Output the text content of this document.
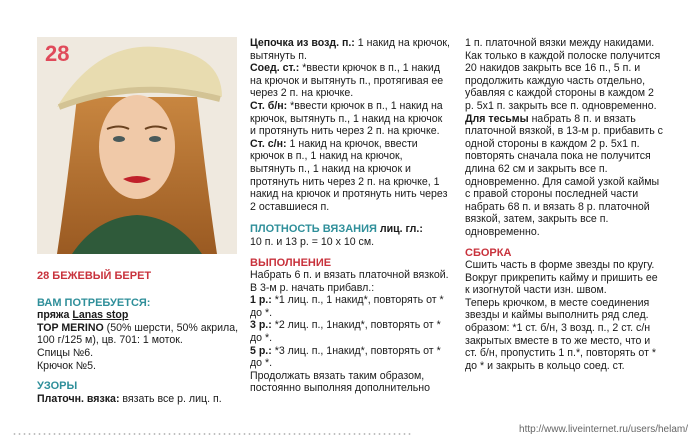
28

28 БЕЖЕВЫЙ БЕРЕТ

ВАМ ПОТРЕБУЕТСЯ:

пряжа Lanas stop

TOP MERINO (50% шерсти, 50% акрила, 100 г/125 м), цв. 701: 1 моток.

Спицы №6.

Крючок №5.

УЗОРЫ

Платочн. вязка: вязать все р. лиц. п.

Цепочка из возд. п.: 1 накид на крючок, вытянуть п.

Соед. ст.: *ввести крючок в п., 1 накид на крючок и вытянуть п., протягивая ее через 2 п. на крючке.

Ст. б/н: *ввести крючок в п., 1 накид на крючок, вытянуть п., 1 накид на крючок и протянуть нить через 2 п. на крючке.

Ст. с/н: 1 накид на крючок, ввести крючок в п., 1 накид на крючок, вытянуть п., 1 накид на крючок и протянуть нить через 2 п. на крючке, 1 накид на крючок и протянуть нить через 2 оставшиеся п.

ПЛОТНОСТЬ ВЯЗАНИЯ лиц. гл.:

10 п. и 13 р. = 10 х 10 см.

ВЫПОЛНЕНИЕ

Набрать 6 п. и вязать платочной вязкой. В 3-м р. начать прибавл.:

1 р.: *1 лиц. п., 1 накид*, повторять от * до *.

3 р.: *2 лиц. п., 1накид*, повторять от * до *.

5 р.: *3 лиц. п., 1накид*, повторять от * до *.

Продолжать вязать таким образом, постоянно выполняя дополнительно

1 п. платочной вязки между накидами. Как только в каждой полоске получится 20 накидов закрыть все 16 п., 5 п. и продолжить каждую часть отдельно, убавляя с каждой стороны в каждом 2 р. 5х1 п. закрыть все п. одновременно.

Для тесьмы набрать 8 п. и вязать платочной вязкой, в 13-м р. прибавить с одной стороны в каждом 2 р. 5х1 п. повторять сначала пока не получится длина 62 см и закрыть все п. одновременно. Для самой узкой каймы с правой стороны последней части набрать 68 п. и вязать 8 р. платочной вязкой, затем, закрыть все п. одновременно.

СБОРКА

Сшить часть в форме звезды по кругу. Вокруг прикрепить кайму и пришить ее к изогнутой части изн. швом.

Теперь крючком, в месте соединения звезды и каймы выполнить ряд след. образом: *1 ст. б/н, 3 возд. п., 2 ст. с/н закрытых вместе в то же место, что и ст. б/н, пропустить 1 п.*, повторять от * до * и закрыть в кольцо соед. ст.

http://www.liveinternet.ru/users/helam/
